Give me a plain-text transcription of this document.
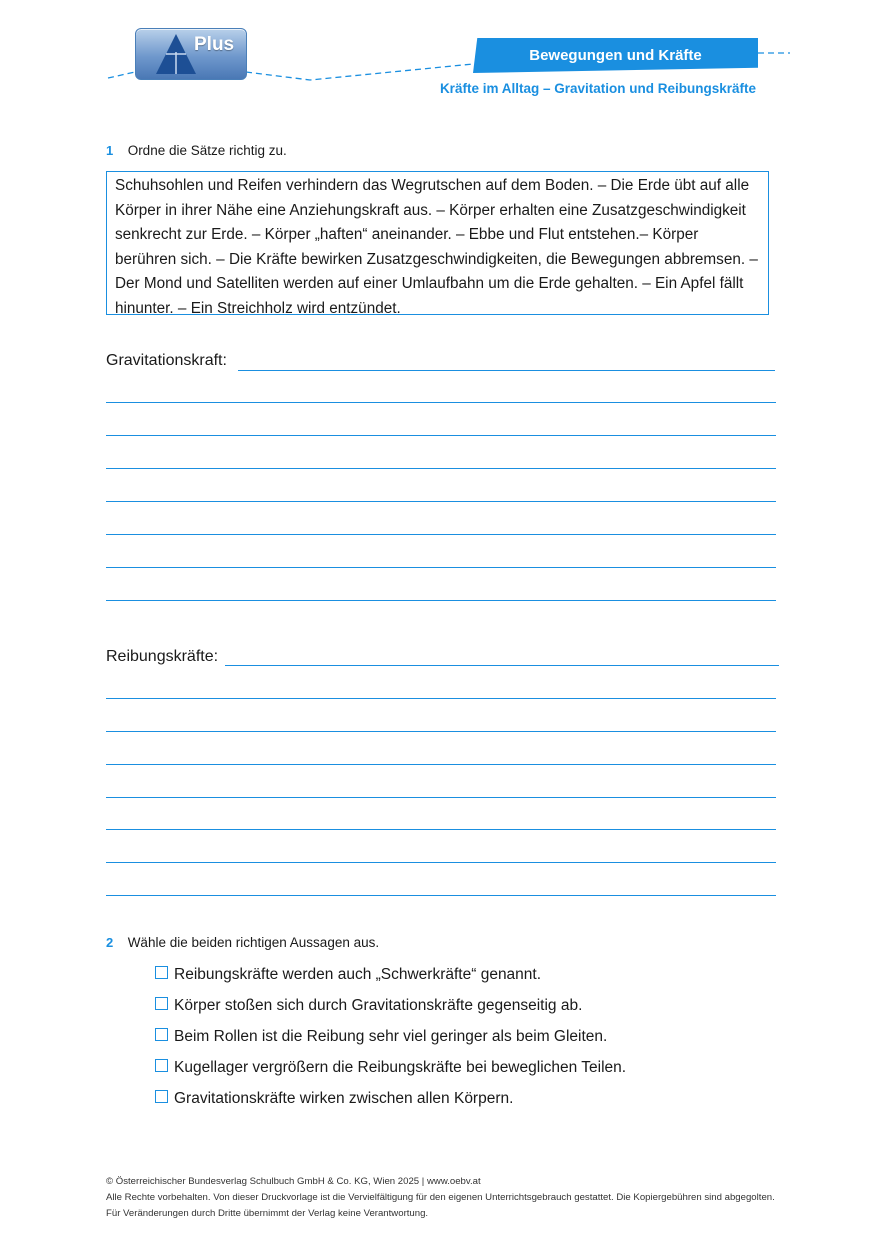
Plus
Bewegungen und Kräfte
Kräfte im Alltag – Gravitation und Reibungskräfte
1 Ordne die Sätze richtig zu.
Schuhsohlen und Reifen verhindern das Wegrutschen auf dem Boden. – Die Erde übt auf alle Körper in ihrer Nähe eine Anziehungskraft aus. – Körper erhalten eine Zusatzgeschwindigkeit senkrecht zur Erde. – Körper „haften“ aneinander. – Ebbe und Flut entstehen.– Körper berühren sich. – Die Kräfte bewirken Zusatzgeschwindigkeiten, die Bewegungen abbremsen. – Der Mond und Satelliten werden auf einer Umlaufbahn um die Erde gehalten. – Ein Apfel fällt hinunter. – Ein Streichholz wird entzündet.
Gravitationskraft:
Reibungskräfte:
2 Wähle die beiden richtigen Aussagen aus.
Reibungskräfte werden auch „Schwerkräfte“ genannt.
Körper stoßen sich durch Gravitationskräfte gegenseitig ab.
Beim Rollen ist die Reibung sehr viel geringer als beim Gleiten.
Kugellager vergrößern die Reibungskräfte bei beweglichen Teilen.
Gravitationskräfte wirken zwischen allen Körpern.
© Österreichischer Bundesverlag Schulbuch GmbH & Co. KG, Wien 2025 | www.oebv.at
Alle Rechte vorbehalten. Von dieser Druckvorlage ist die Vervielfältigung für den eigenen Unterrichtsgebrauch gestattet. Die Kopiergebühren sind abgegolten.
Für Veränderungen durch Dritte übernimmt der Verlag keine Verantwortung.
